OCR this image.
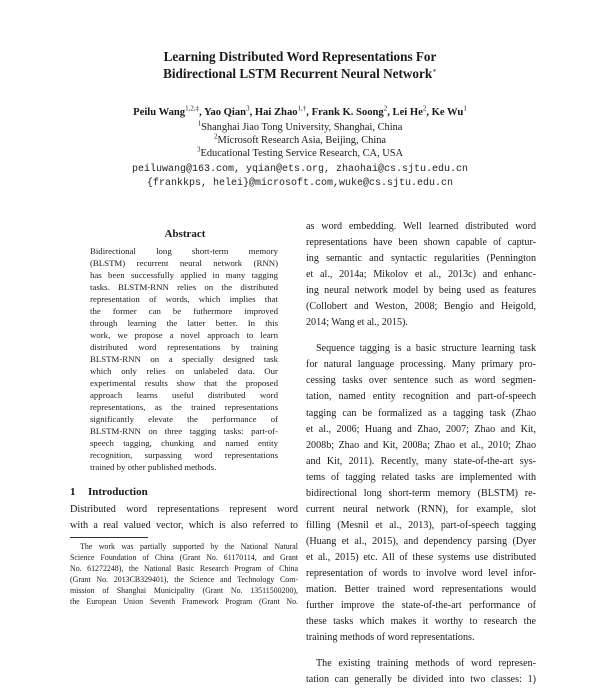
Learning Distributed Word Representations For
Bidirectional LSTM Recurrent Neural Network∗
Peilu Wang$^{1,2,\ddagger}$, Yao Qian$^3$, Hai Zhao$^{1,\dagger}$, Frank K. Soong$^2$, Lei He$^2$, Ke Wu$^1$
$^1$Shanghai Jiao Tong University, Shanghai, China
$^2$Microsoft Research Asia, Beijing, China
$^3$Educational Testing Service Research, CA, USA
peiluwang@163.com, yqian@ets.org, zhaohai@cs.sjtu.edu.cn
{frankkps, helei}@microsoft.com,wuke@cs.sjtu.edu.cn
Abstract
Bidirectional long short-term memory
(BLSTM) recurrent neural network (RNN)
has been successfully applied in many tagging
tasks. BLSTM-RNN relies on the distributed
representation of words, which implies that
the former can be futhermore improved
through learning the latter better. In this
work, we propose a novel approach to learn
distributed word representations by training
BLSTM-RNN on a specially designed task
which only relies on unlabeled data. Our
experimental results show that the proposed
approach learns useful distributed word
representations, as the trained representations
significantly elevate the performance of
BLSTM-RNN on three tagging tasks: part-of-
speech tagging, chunking and named entity
recognition, surpassing word representations
trained by other published methods.
1 Introduction
Distributed word representations represent word
with a real valued vector, which is also referred to
The work was partially supported by the National Natural
Science Foundation of China (Grant No. 61170114, and Grant
No. 61272248), the National Basic Research Program of China
(Grant No. 2013CB329401), the Science and Technology Com-
mission of Shanghai Municipality (Grant No. 13511500200),
the European Union Seventh Framework Program (Grant No.
as word embedding. Well learned distributed word
representations have been shown capable of captur-
ing semantic and syntactic regularities (Pennington
et al., 2014a; Mikolov et al., 2013c) and enhanc-
ing neural network model by being used as features
(Collobert and Weston, 2008; Bengio and Heigold,
2014; Wang et al., 2015).
Sequence tagging is a basic structure learning task
for natural language processing. Many primary pro-
cessing tasks over sentence such as word segmen-
tation, named entity recognition and part-of-speech
tagging can be formalized as a tagging task (Zhao
et al., 2006; Huang and Zhao, 2007; Zhao and Kit,
2008b; Zhao and Kit, 2008a; Zhao et al., 2010; Zhao
and Kit, 2011). Recently, many state-of-the-art sys-
tems of tagging related tasks are implemented with
bidirectional long short-term memory (BLSTM) re-
current neural network (RNN), for example, slot
filling (Mesnil et al., 2013), part-of-speech tagging
(Huang et al., 2015), and dependency parsing (Dyer
et al., 2015) etc. All of these systems use distributed
representation of words to involve word level infor-
mation. Better trained word representations would
further improve the state-of-the-art performance of
these tasks which makes it worthy to research the
training methods of word representations.
The existing training methods of word represen-
tation can generally be divided into two classes: 1)
